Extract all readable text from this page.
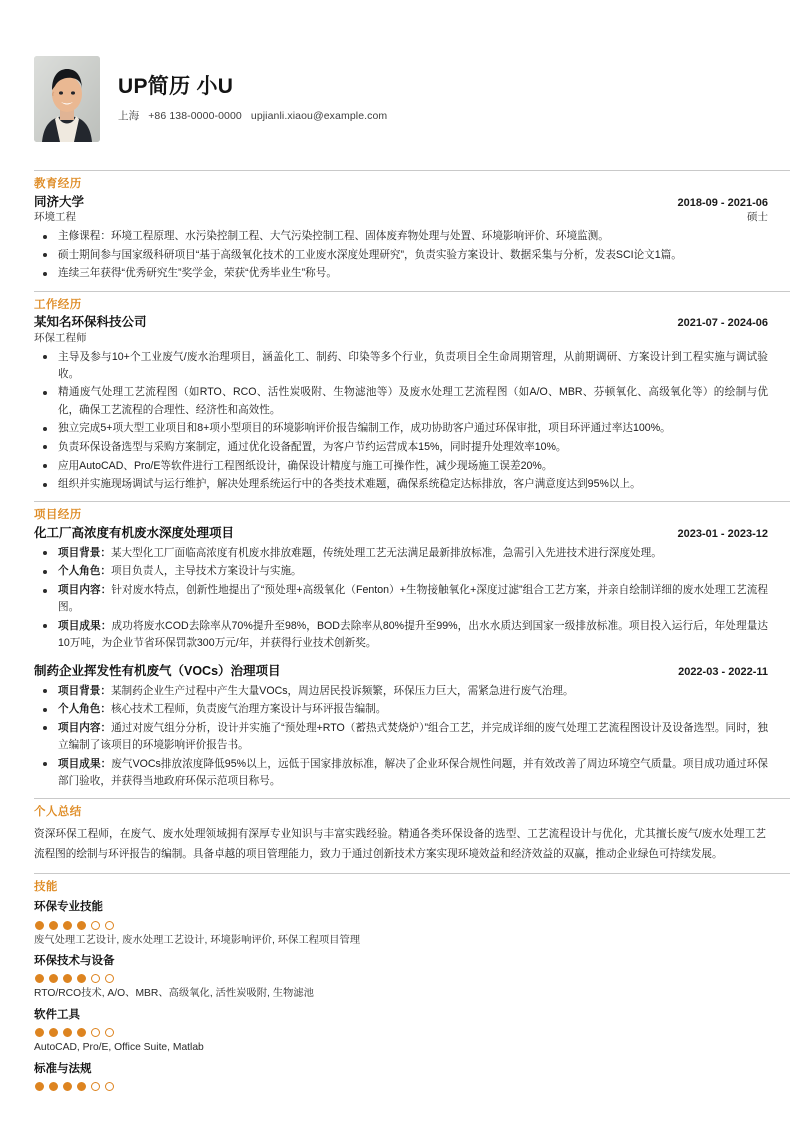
UP简历 小U
上海 +86 138-0000-0000 upjianli.xiaou@example.com
教育经历
同济大学	2018-09 - 2021-06
环境工程	硕士
主修课程：环境工程原理、水污染控制工程、大气污染控制工程、固体废弃物处理与处置、环境影响评价、环境监测。
硕士期间参与国家级科研项目“基于高级氧化技术的工业废水深度处理研究”，负责实验方案设计、数据采集与分析，发表SCI论文1篇。
连续三年获得“优秀研究生”奖学金，荣获“优秀毕业生”称号。
工作经历
某知名环保科技公司	2021-07 - 2024-06
环保工程师
主导及参与10+个工业废气/废水治理项目，涵盖化工、制药、印染等多个行业，负责项目全生命周期管理，从前期调研、方案设计到工程实施与调试验收。
精通废气处理工艺流程图（如RTO、RCO、活性炭吸附、生物滤池等）及废水处理工艺流程图（如A/O、MBR、芬顿氧化、高级氧化等）的绘制与优化，确保工艺流程的合理性、经济性和高效性。
独立完成5+项大型工业项目和8+项小型项目的环境影响评价报告编制工作，成功协助客户通过环保审批，项目环评通过率达100%。
负责环保设备选型与采购方案制定，通过优化设备配置，为客户节约运营成本15%，同时提升处理效率10%。
应用AutoCAD、Pro/E等软件进行工程图纸设计，确保设计精度与施工可操作性，减少现场施工误差20%。
组织并实施现场调试与运行维护，解决处理系统运行中的各类技术难题，确保系统稳定达标排放，客户满意度达到95%以上。
项目经历
化工厂高浓度有机废水深度处理项目	2023-01 - 2023-12
项目背景：某大型化工厂面临高浓度有机废水排放难题，传统处理工艺无法满足最新排放标准，急需引入先进技术进行深度处理。
个人角色：项目负责人，主导技术方案设计与实施。
项目内容：针对废水特点，创新性地提出了“预处理+高级氧化（Fenton）+生物接触氧化+深度过滤”组合工艺方案，并亲自绘制详细的废水处理工艺流程图。
项目成果：成功将废水COD去除率从70%提升至98%，BOD去除率从80%提升至99%，出水水质达到国家一级排放标准。项目投入运行后，年处理量达10万吨，为企业节省环保罚款300万元/年，并获得行业技术创新奖。
制药企业挥发性有机废气（VOCs）治理项目	2022-03 - 2022-11
项目背景：某制药企业生产过程中产生大量VOCs，周边居民投诉频繁，环保压力巨大，需紧急进行废气治理。
个人角色：核心技术工程师，负责废气治理方案设计与环评报告编制。
项目内容：通过对废气组分分析，设计并实施了“预处理+RTO（蓄热式焚烧炉）”组合工艺，并完成详细的废气处理工艺流程图设计及设备选型。同时，独立编制了该项目的环境影响评价报告书。
项目成果：废气VOCs排放浓度降低95%以上，远低于国家排放标准，解决了企业环保合规性问题，并有效改善了周边环境空气质量。项目成功通过环保部门验收，并获得当地政府环保示范项目称号。
个人总结
资深环保工程师，在废气、废水处理领域拥有深厚专业知识与丰富实践经验。精通各类环保设备的选型、工艺流程设计与优化，尤其擅长废气/废水处理工艺流程图的绘制与环评报告的编制。具备卓越的项目管理能力，致力于通过创新技术方案实现环境效益和经济效益的双赢，推动企业绿色可持续发展。
技能
环保专业技能
废气处理工艺设计, 废水处理工艺设计, 环境影响评价, 环保工程项目管理
环保技术与设备
RTO/RCO技术, A/O、MBR、高级氧化, 活性炭吸附, 生物滤池
软件工具
AutoCAD, Pro/E, Office Suite, Matlab
标准与法规
